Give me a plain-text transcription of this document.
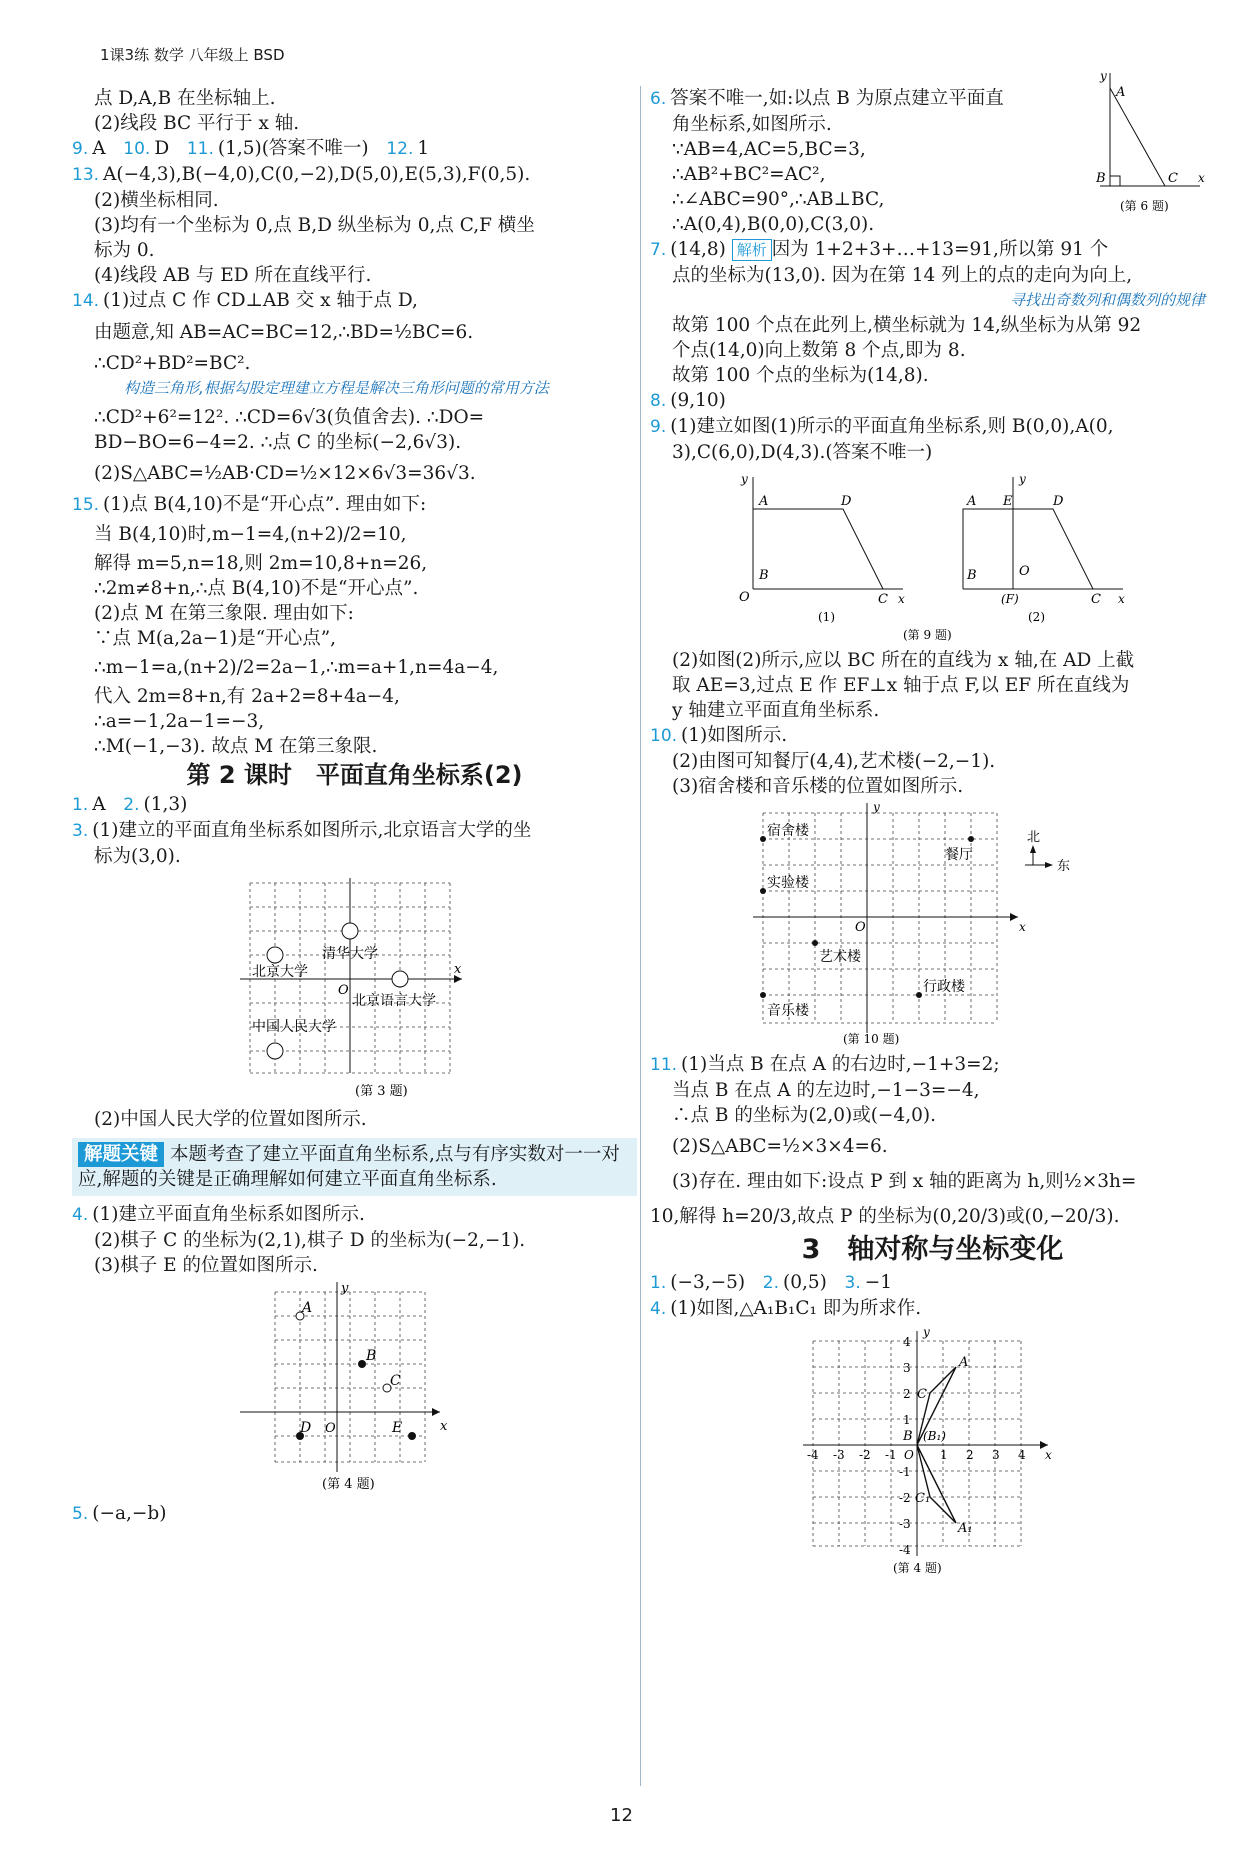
1课3练 数学 八年级上 BSD
点 D,A,B 在坐标轴上.
(2)线段 BC 平行于 x 轴.
9. A 10. D 11. (1,5)(答案不唯一) 12. 1
13. A(−4,3),B(−4,0),C(0,−2),D(5,0),E(5,3),F(0,5).
(2)横坐标相同.
(3)均有一个坐标为 0,点 B,D 纵坐标为 0,点 C,F 横坐
标为 0.
(4)线段 AB 与 ED 所在直线平行.
14. (1)过点 C 作 CD⊥AB 交 x 轴于点 D,
由题意,知 AB=AC=BC=12,∴BD=½BC=6.
∴CD²+BD²=BC².
构造三角形,根据勾股定理建立方程是解决三角形问题的常用方法
∴CD²+6²=12². ∴CD=6√3(负值舍去). ∴DO=
BD−BO=6−4=2. ∴点 C 的坐标(−2,6√3).
(2)S△ABC=½AB·CD=½×12×6√3=36√3.
15. (1)点 B(4,10)不是“开心点”. 理由如下:
当 B(4,10)时,m−1=4,(n+2)/2=10,
解得 m=5,n=18,则 2m=10,8+n=26,
∴2m≠8+n,∴点 B(4,10)不是“开心点”.
(2)点 M 在第三象限. 理由如下:
∵点 M(a,2a−1)是“开心点”,
∴m−1=a,(n+2)/2=2a−1,∴m=a+1,n=4a−4,
代入 2m=8+n,有 2a+2=8+4a−4,
∴a=−1,2a−1=−3,
∴M(−1,−3). 故点 M 在第三象限.
第 2 课时　平面直角坐标系(2)
1. A 2. (1,3)
3. (1)建立的平面直角坐标系如图所示,北京语言大学的坐
标为(3,0).
清华大学
北京大学
北京语言大学
中国人民大学
O
x
(第 3 题)
(2)中国人民大学的位置如图所示.
解题关键 本题考查了建立平面直角坐标系,点与有序实数对一一对应,解题的关键是正确理解如何建立平面直角坐标系.
4. (1)建立平面直角坐标系如图所示.
(2)棋子 C 的坐标为(2,1),棋子 D 的坐标为(−2,−1).
(3)棋子 E 的位置如图所示.
A
B
C
D	E
O
y
x
(第 4 题)
5. (−a,−b)
6. 答案不唯一,如:以点 B 为原点建立平面直
角坐标系,如图所示.
∵AB=4,AC=5,BC=3,
∴AB²+BC²=AC²,
∴∠ABC=90°,∴AB⊥BC,
∴A(0,4),B(0,0),C(3,0).
A
B	C
y
x
(第 6 题)
7. (14,8) 解析 因为 1+2+3+…+13=91,所以第 91 个
点的坐标为(13,0). 因为在第 14 列上的点的走向为向上,
寻找出奇数列和偶数列的规律
故第 100 个点在此列上,横坐标就为 14,纵坐标为从第 92
个点(14,0)向上数第 8 个点,即为 8.
故第 100 个点的坐标为(14,8).
8. (9,10)
9. (1)建立如图(1)所示的平面直角坐标系,则 B(0,0),A(0,
3),C(6,0),D(4,3).(答案不唯一)
A	D
B
O	C x
y
(1)
A E	D
B	O
(F)	C x
y
(2)
(第 9 题)
(2)如图(2)所示,应以 BC 所在的直线为 x 轴,在 AD 上截
取 AE=3,过点 E 作 EF⊥x 轴于点 F,以 EF 所在直线为
y 轴建立平面直角坐标系.
10. (1)如图所示.
(2)由图可知餐厅(4,4),艺术楼(−2,−1).
(3)宿舍楼和音乐楼的位置如图所示.
宿舍楼
餐厅
实验楼
艺术楼
行政楼
音乐楼
O
y
x
北
东
(第 10 题)
11. (1)当点 B 在点 A 的右边时,−1+3=2;
当点 B 在点 A 的左边时,−1−3=−4,
∴点 B 的坐标为(2,0)或(−4,0).
(2)S△ABC=½×3×4=6.
(3)存在. 理由如下:设点 P 到 x 轴的距离为 h,则½×3h=
10,解得 h=20/3,故点 P 的坐标为(0,20/3)或(0,−20/3).
3　轴对称与坐标变化
1. (−3,−5) 2. (0,5) 3. −1
4. (1)如图,△A₁B₁C₁ 即为所求作.
A
C
B (B₁)
C₁
A₁
O
y
x
-4 -3 -2 -1	1 2 3 4
4
3
2
1
-1
-2
-3
-4
(第 4 题)
12
